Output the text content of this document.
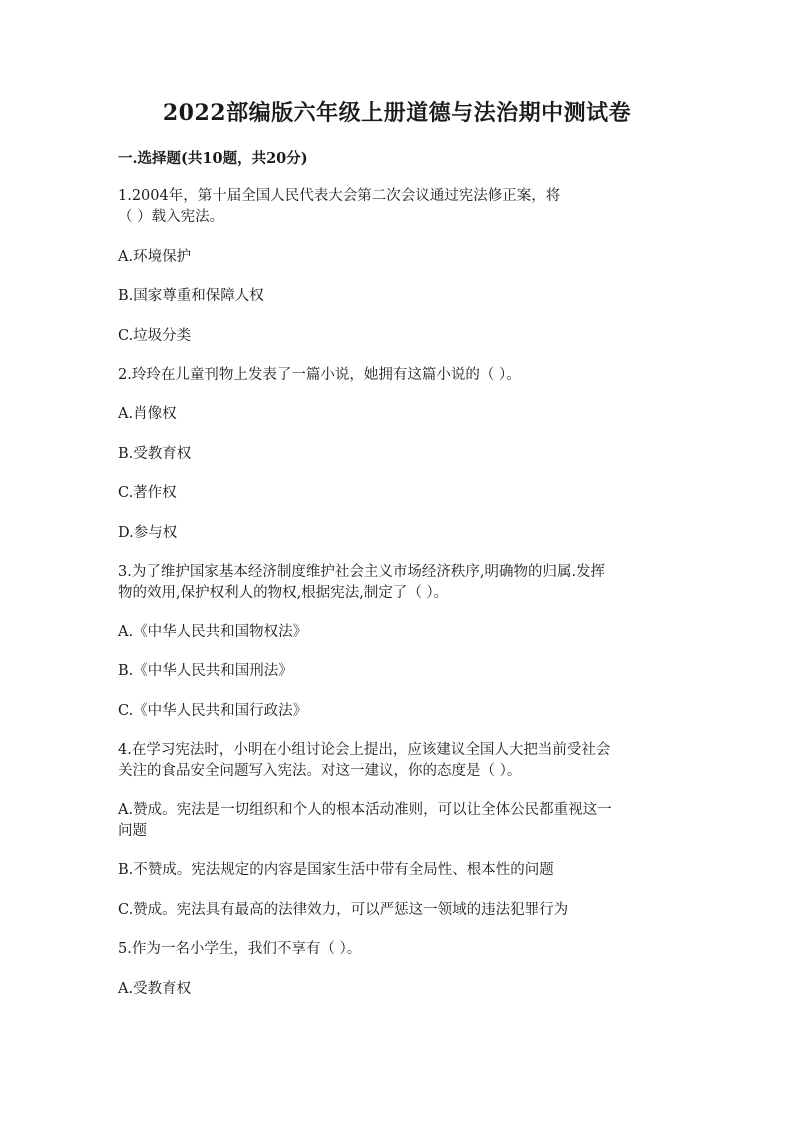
2022部编版六年级上册道德与法治期中测试卷
一.选择题(共10题，共20分)
1.2004年，第十届全国人民代表大会第二次会议通过宪法修正案，将
（ ）载入宪法。
A.环境保护
B.国家尊重和保障人权
C.垃圾分类
2.玲玲在儿童刊物上发表了一篇小说，她拥有这篇小说的（ ）。
A.肖像权
B.受教育权
C.著作权
D.参与权
3.为了维护国家基本经济制度维护社会主义市场经济秩序,明确物的归属.发挥
物的效用,保护权利人的物权,根据宪法,制定了（ ）。
A.《中华人民共和国物权法》
B.《中华人民共和国刑法》
C.《中华人民共和国行政法》
4.在学习宪法时，小明在小组讨论会上提出，应该建议全国人大把当前受社会
关注的食品安全问题写入宪法。对这一建议，你的态度是（ ）。
A.赞成。宪法是一切组织和个人的根本活动准则，可以让全体公民都重视这一
问题
B.不赞成。宪法规定的内容是国家生活中带有全局性、根本性的问题
C.赞成。宪法具有最高的法律效力，可以严惩这一领域的违法犯罪行为
5.作为一名小学生，我们不享有（ ）。
A.受教育权
